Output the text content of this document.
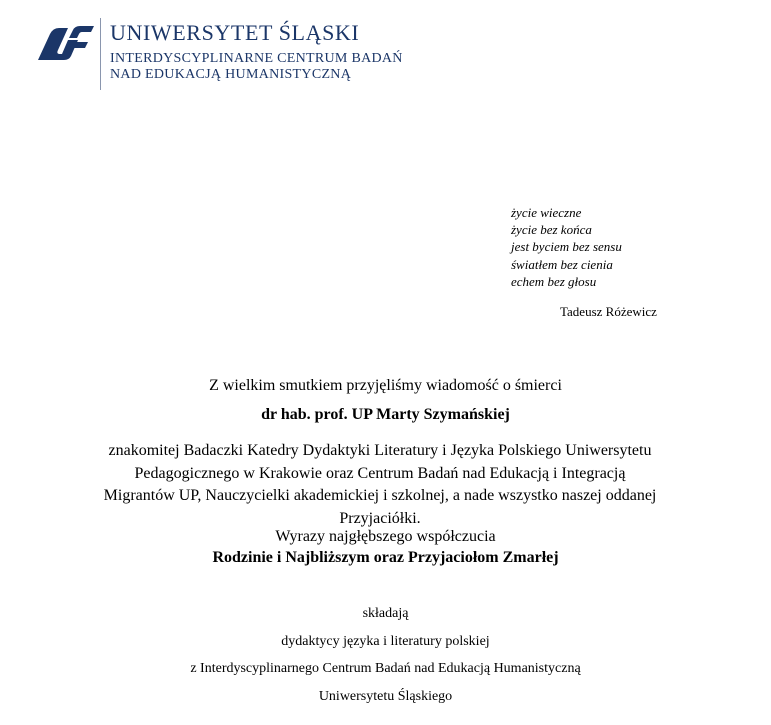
UNIWERSYTET ŚLĄSKI
INTERDYSCYPLINARNE CENTRUM BADAŃ
NAD EDUKACJĄ HUMANISTYCZNĄ
życie wieczne
życie bez końca
jest byciem bez sensu
światłem bez cienia
echem bez głosu
Tadeusz Różewicz
Z wielkim smutkiem przyjęliśmy wiadomość o śmierci
dr hab. prof. UP Marty Szymańskiej
znakomitej Badaczki Katedry Dydaktyki Literatury i Języka Polskiego Uniwersytetu
Pedagogicznego w Krakowie oraz Centrum Badań nad Edukacją i Integracją
Migrantów UP, Nauczycielki akademickiej i szkolnej, a nade wszystko naszej oddanej
Przyjaciółki.
Wyrazy najgłębszego współczucia
Rodzinie i Najbliższym oraz Przyjaciołom Zmarłej
składają
dydaktycy języka i literatury polskiej
z Interdyscyplinarnego Centrum Badań nad Edukacją Humanistyczną
Uniwersytetu Śląskiego
